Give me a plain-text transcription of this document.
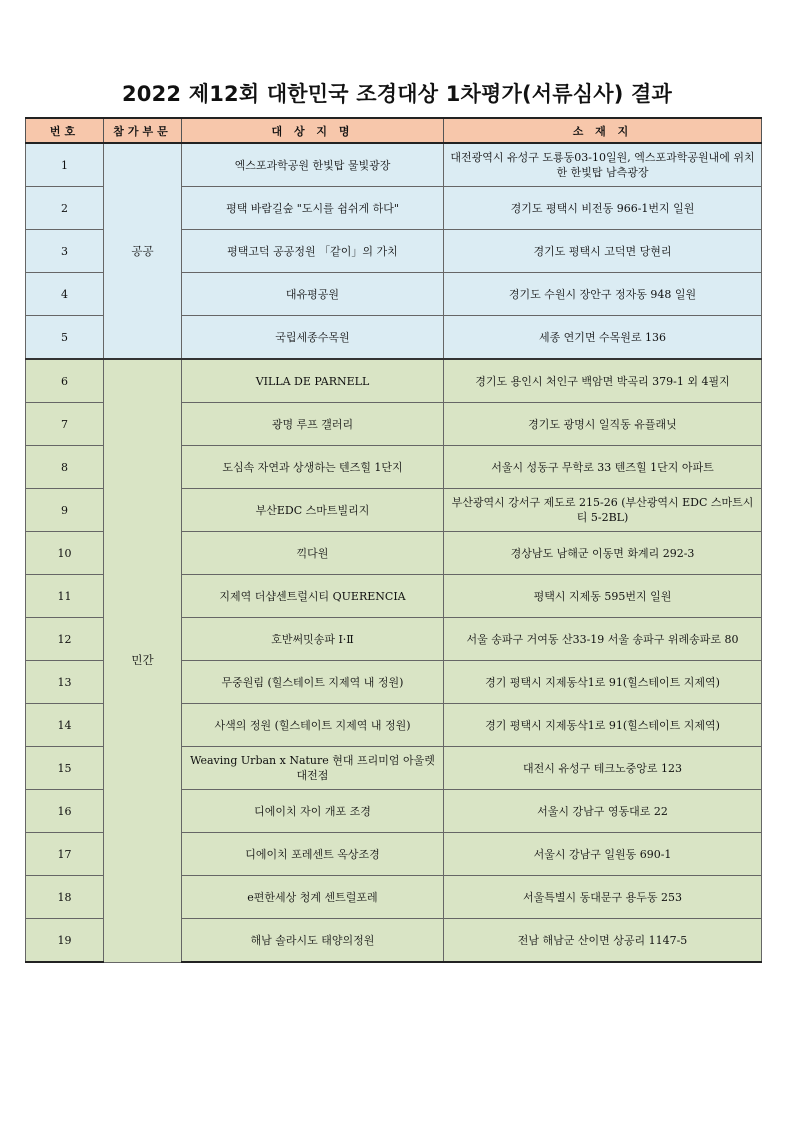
2022 제12회 대한민국 조경대상 1차평가(서류심사) 결과
번호	참가부문	대 상 지 명	소 재 지
1	공공	엑스포과학공원 한빛탑 물빛광장	대전광역시 유성구 도룡동03-10일원, 엑스포과학공원내에 위치한 한빛탑 남측광장
2		평택 바람길숲 "도시를 쉼쉬게 하다"	경기도 평택시 비전동 966-1번지 일원
3		평택고덕 공공정원 「같이」의 가치	경기도 평택시 고덕면 당현리
4		대유평공원	경기도 수원시 장안구 정자동 948 일원
5		국립세종수목원	세종 연기면 수목원로 136
6	민간	VILLA DE PARNELL	경기도 용인시 처인구 백암면 박곡리 379-1 외 4필지
7		광명 루프 갤러리	경기도 광명시 일직동 유플래닛
8		도심속 자연과 상생하는 텐즈힐 1단지	서울시 성동구 무학로 33 텐즈힐 1단지 아파트
9		부산EDC 스마트빌리지	부산광역시 강서구 제도로 215-26 (부산광역시 EDC 스마트시티 5-2BL)
10		끽다원	경상남도 남해군 이동면 화계리 292-3
11		지제역 더샵센트럴시티 QUERENCIA	평택시 지제동 595번지 일원
12		호반써밋송파 Ⅰ·Ⅱ	서울 송파구 거여동 산33-19 서울 송파구 위례송파로 80
13		무중원림 (힐스테이트 지제역 내 정원)	경기 평택시 지제동삭1로 91(힐스테이트 지제역)
14		사색의 정원 (힐스테이트 지제역 내 정원)	경기 평택시 지제동삭1로 91(힐스테이트 지제역)
15		Weaving Urban x Nature 현대 프리미엄 아울렛 대전점	대전시 유성구 테크노중앙로 123
16		디에이치 자이 개포 조경	서울시 강남구 영동대로 22
17		디에이치 포레센트 옥상조경	서울시 강남구 일원동 690-1
18		e편한세상 청계 센트럴포레	서울특별시 동대문구 용두동 253
19		해남 솔라시도 태양의정원	전남 해남군 산이면 상공리 1147-5
